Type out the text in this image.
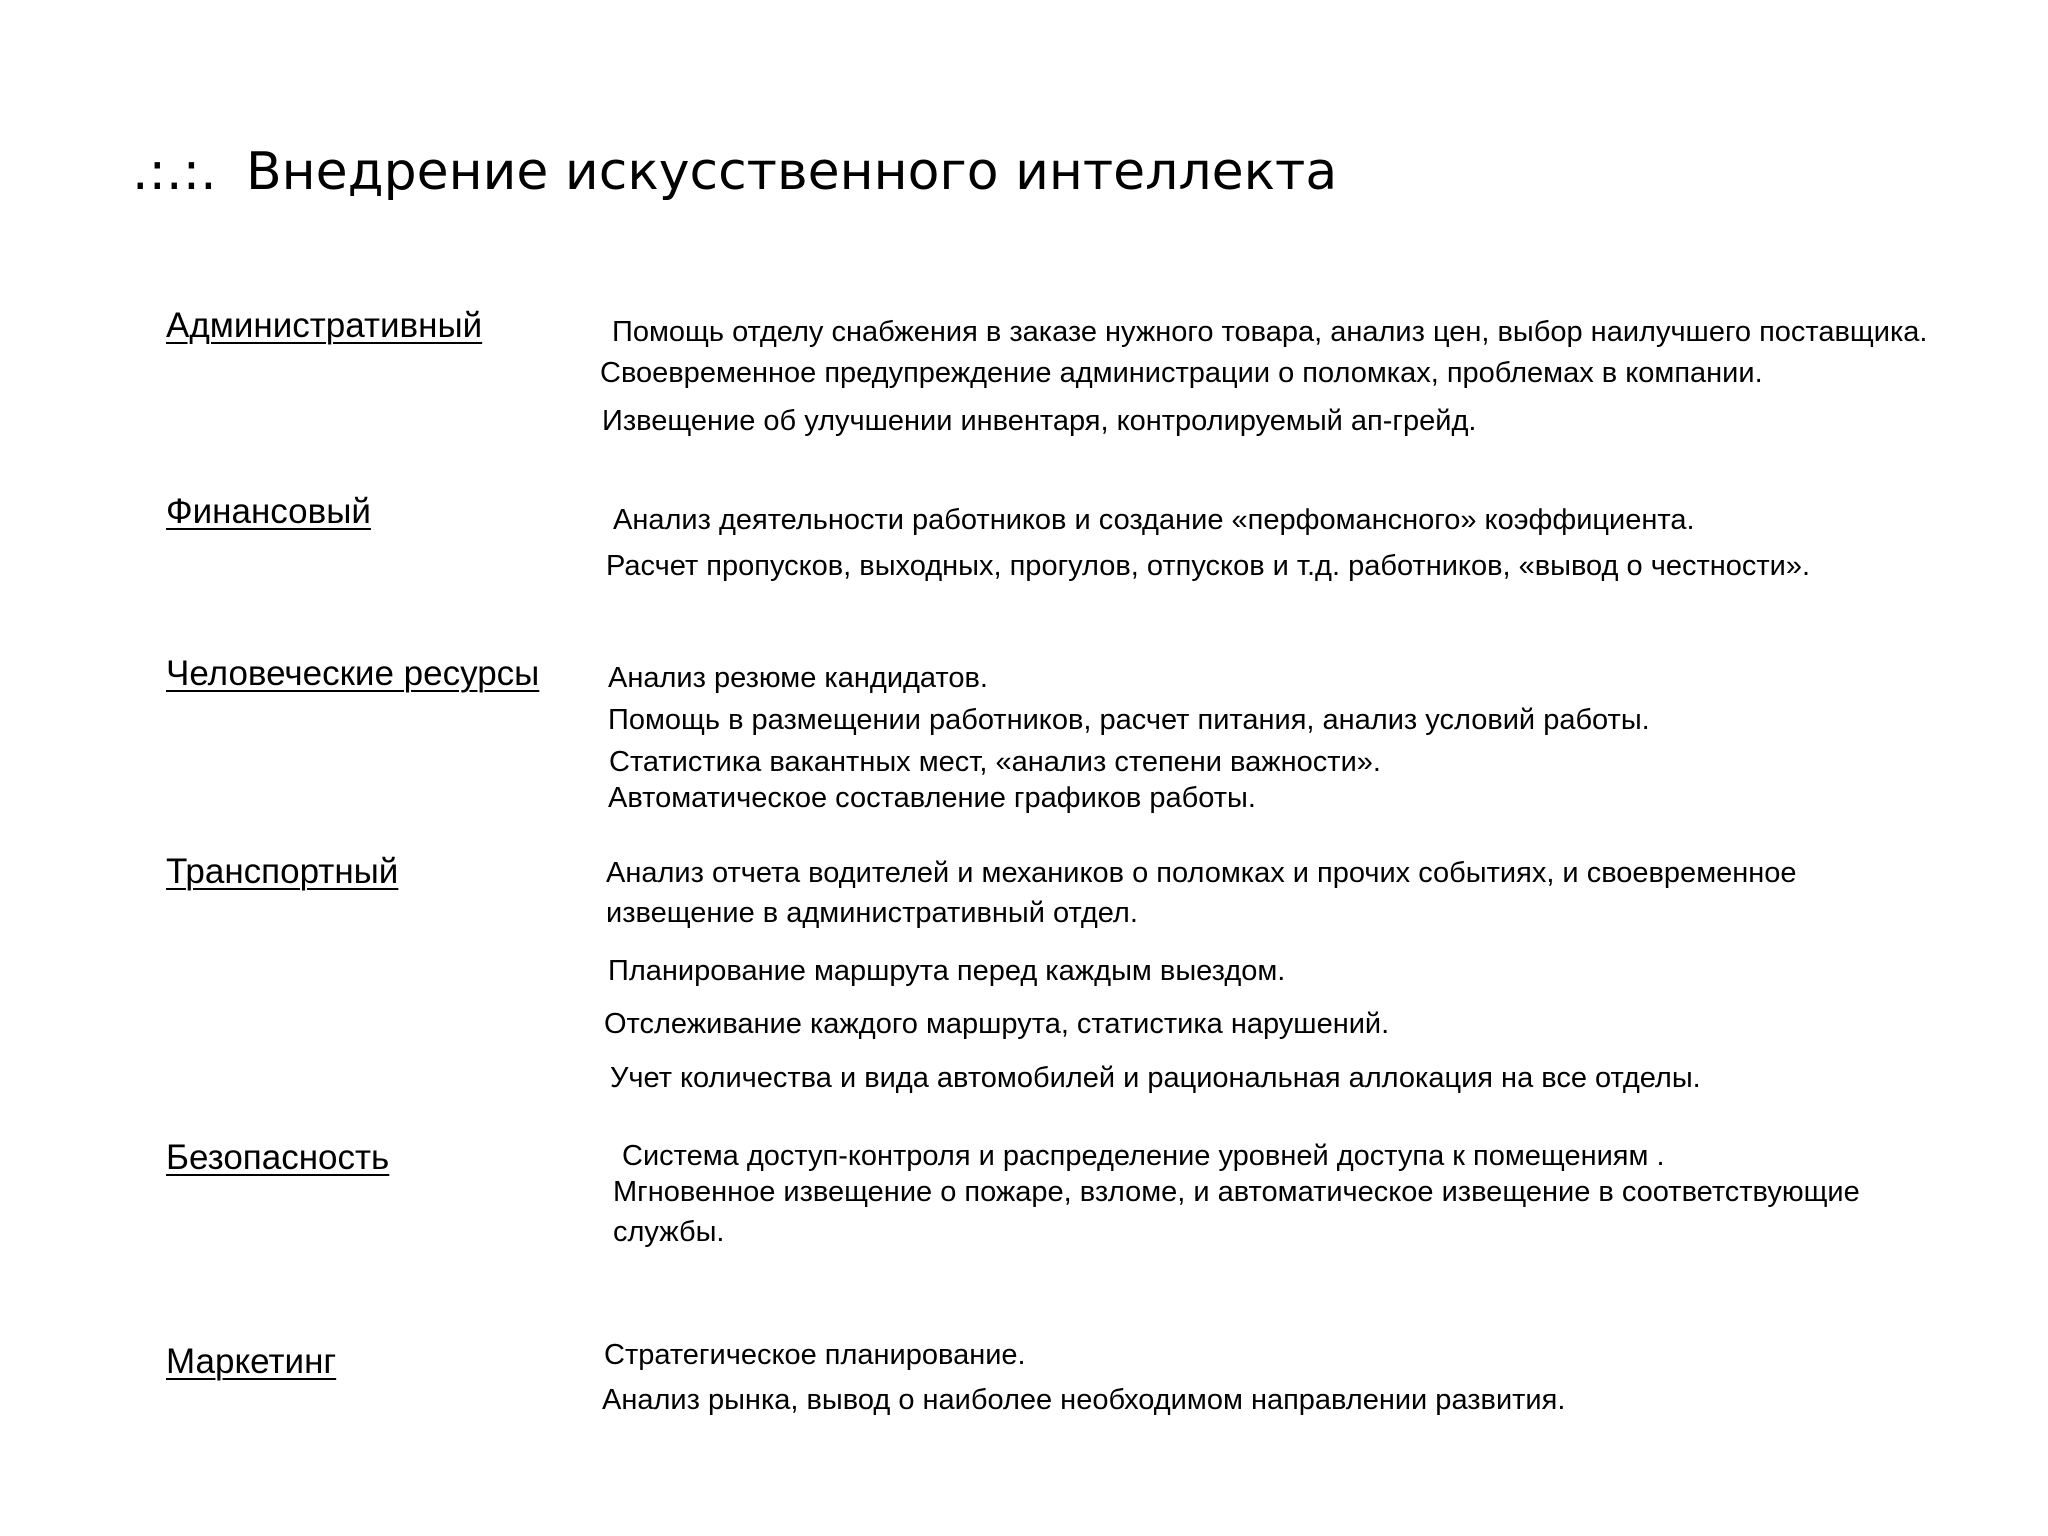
.:.:. Внедрение искусственного интеллекта
Административный	Помощь отделу снабжения в заказе нужного товара, анализ цен, выбор наилучшего поставщика.
Своевременное предупреждение администрации о поломках, проблемах в компании.
Извещение об улучшении инвентаря, контролируемый ап-грейд.
Финансовый	Анализ деятельности работников и создание «перфомансного» коэффициента.
Расчет пропусков, выходных, прогулов, отпусков и т.д. работников, «вывод о честности».
Человеческие ресурсы Анализ резюме кандидатов.
Помощь в размещении работников, расчет питания, анализ условий работы.
Статистика вакантных мест, «анализ степени важности».
Автоматическое составление графиков работы.
Транспортный	Анализ отчета водителей и механиков о поломках и прочих событиях, и своевременное
извещение в административный отдел.
Планирование маршрута перед каждым выездом.
Отслеживание каждого маршрута, статистика нарушений.
Учет количества и вида автомобилей и рациональная аллокация на все отделы.
Безопасность	Система доступ-контроля и распределение уровней доступа к помещениям .
Мгновенное извещение о пожаре, взломе, и автоматическое извещение в соответствующие
службы.
Маркетинг	Стратегическое планирование.
Анализ рынка, вывод о наиболее необходимом направлении развития.
